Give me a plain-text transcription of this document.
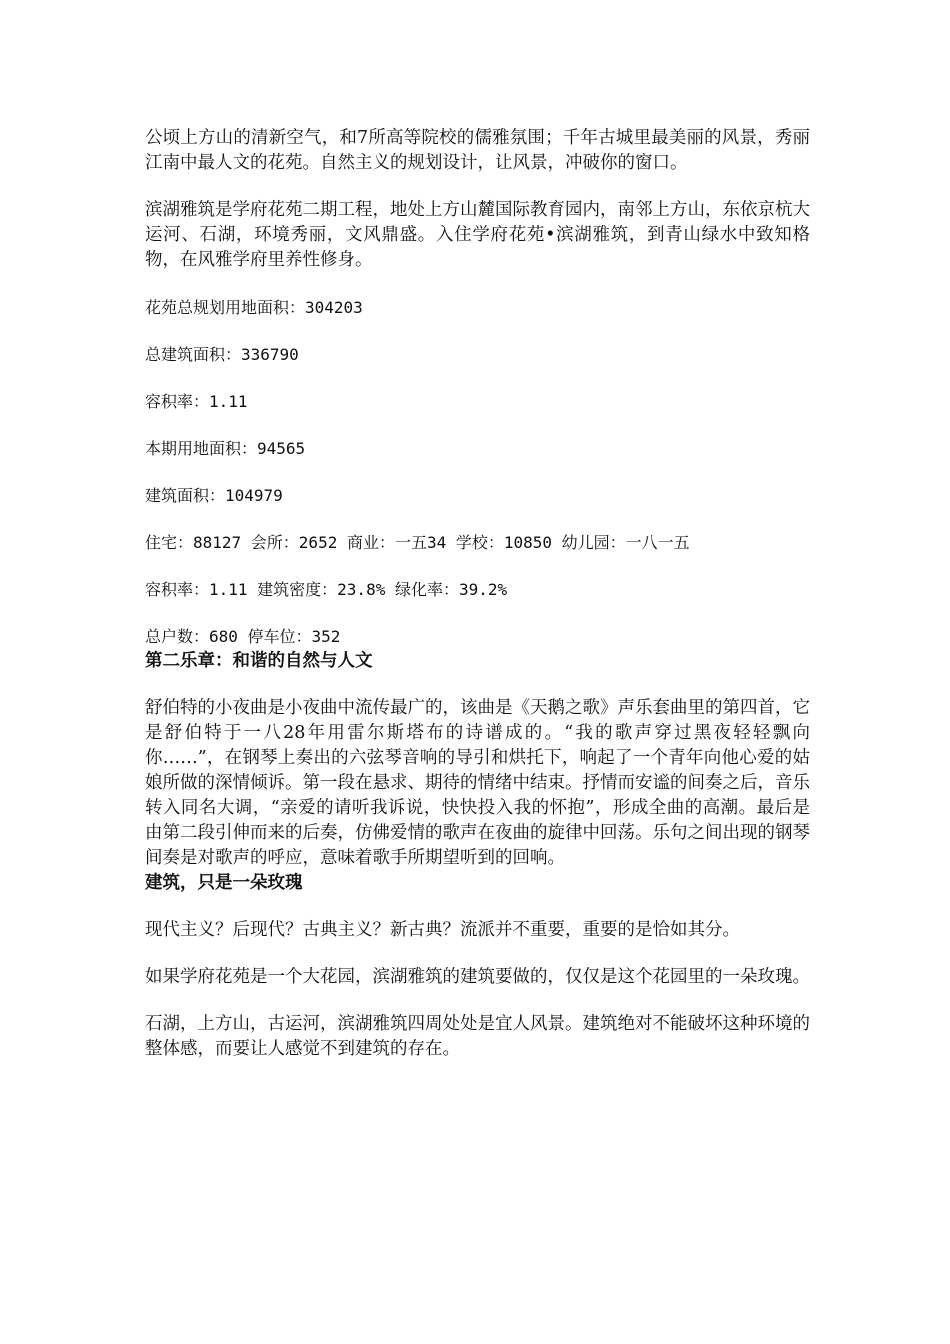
公顷上方山的清新空气，和7所高等院校的儒雅氛围；千年古城里最美丽的风景，秀丽江南中最人文的花苑。自然主义的规划设计，让风景，冲破你的窗口。

滨湖雅筑是学府花苑二期工程，地处上方山麓国际教育园内，南邻上方山，东依京杭大运河、石湖，环境秀丽，文风鼎盛。入住学府花苑•滨湖雅筑，到青山绿水中致知格物，在风雅学府里养性修身。

花苑总规划用地面积：304203

总建筑面积：336790

容积率：1.11

本期用地面积：94565

建筑面积：104979

住宅：88127 会所：2652 商业：一五34 学校：10850 幼儿园：一八一五

容积率：1.11 建筑密度：23.8% 绿化率：39.2%

总户数：680 停车位：352

第二乐章：和谐的自然与人文

舒伯特的小夜曲是小夜曲中流传最广的，该曲是《天鹅之歌》声乐套曲里的第四首，它是舒伯特于一八28年用雷尔斯塔布的诗谱成的。“我的歌声穿过黑夜轻轻飘向你……”，在钢琴上奏出的六弦琴音响的导引和烘托下，响起了一个青年向他心爱的姑娘所做的深情倾诉。第一段在悬求、期待的情绪中结束。抒情而安谧的间奏之后，音乐转入同名大调，“亲爱的请听我诉说，快快投入我的怀抱”，形成全曲的高潮。最后是由第二段引伸而来的后奏，仿佛爱情的歌声在夜曲的旋律中回荡。乐句之间出现的钢琴间奏是对歌声的呼应，意味着歌手所期望听到的回响。

建筑，只是一朵玫瑰

现代主义？后现代？古典主义？新古典？流派并不重要，重要的是恰如其分。

如果学府花苑是一个大花园，滨湖雅筑的建筑要做的，仅仅是这个花园里的一朵玫瑰。

石湖，上方山，古运河，滨湖雅筑四周处处是宜人风景。建筑绝对不能破坏这种环境的整体感，而要让人感觉不到建筑的存在。
